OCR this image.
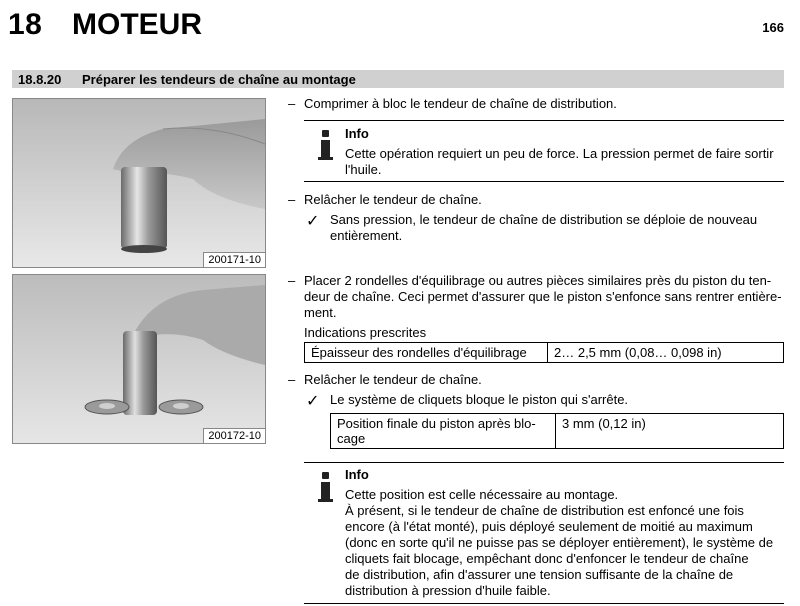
18 MOTEUR	166
18.8.20 Préparer les tendeurs de chaîne au montage
200171-10
200172-10
– Comprimer à bloc le tendeur de chaîne de distribution.
Info
Cette opération requiert un peu de force. La pression permet de faire sortir
l'huile.
– Relâcher le tendeur de chaîne.
✓ Sans pression, le tendeur de chaîne de distribution se déploie de nouveau
entièrement.
– Placer 2 rondelles d'équilibrage ou autres pièces similaires près du piston du ten-
deur de chaîne. Ceci permet d'assurer que le piston s'enfonce sans rentrer entière-
ment.
Indications prescrites
Épaisseur des rondelles d'équilibrage	2… 2,5 mm (0,08… 0,098 in)
– Relâcher le tendeur de chaîne.
✓ Le système de cliquets bloque le piston qui s'arrête.
Position finale du piston après blo-
cage
	3 mm (0,12 in)
Info
Cette position est celle nécessaire au montage.
À présent, si le tendeur de chaîne de distribution est enfoncé une fois
encore (à l'état monté), puis déployé seulement de moitié au maximum
(donc en sorte qu'il ne puisse pas se déployer entièrement), le système de
cliquets fait blocage, empêchant donc d'enfoncer le tendeur de chaîne
de distribution, afin d'assurer une tension suffisante de la chaîne de
distribution à pression d'huile faible.
